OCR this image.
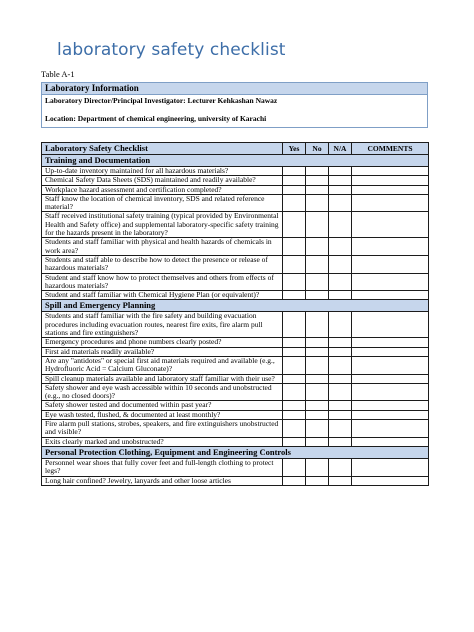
laboratory safety checklist
Table A-1
Laboratory Information
Laboratory Director/Principal Investigator: Lecturer Kehkashan Nawaz
Location: Department of chemical engineering, university of Karachi
Laboratory Safety Checklist	Yes	No	N/A	COMMENTS
Training and Documentation				
Up-to-date inventory maintained for all hazardous materials?				
Chemical Safety Data Sheets (SDS) maintained and readily available?				
Workplace hazard assessment and certification completed?				
Staff know the location of chemical inventory, SDS and related reference material?				
Staff received institutional safety training (typical provided by Environmental Health and Safety office) and supplemental laboratory-specific safety training for the hazards present in the laboratory?				
Students and staff familiar with physical and health hazards of chemicals in work area?				
Students and staff able to describe how to detect the presence or release of hazardous materials?				
Student and staff know how to protect themselves and others from effects of hazardous materials?				
Student and staff familiar with Chemical Hygiene Plan (or equivalent)?				
Spill and Emergency Planning				
Students and staff familiar with the fire safety and building evacuation procedures including evacuation routes, nearest fire exits, fire alarm pull stations and fire extinguishers?				
Emergency procedures and phone numbers clearly posted?				
First aid materials readily available?				
Are any "antidotes" or special first aid materials required and available (e.g., Hydrofluoric Acid = Calcium Gluconate)?				
Spill cleanup materials available and laboratory staff familiar with their use?				
Safety shower and eye wash accessible within 10 seconds and unobstructed (e.g., no closed doors)?				
Safety shower tested and documented within past year?				
Eye wash tested, flushed, & documented at least monthly?				
Fire alarm pull stations, strobes, speakers, and fire extinguishers unobstructed and visible?				
Exits clearly marked and unobstructed?				
Personal Protection Clothing, Equipment and Engineering Controls				
Personnel wear shoes that fully cover feet and full-length clothing to protect legs?				
Long hair confined? Jewelry, lanyards and other loose articles				
